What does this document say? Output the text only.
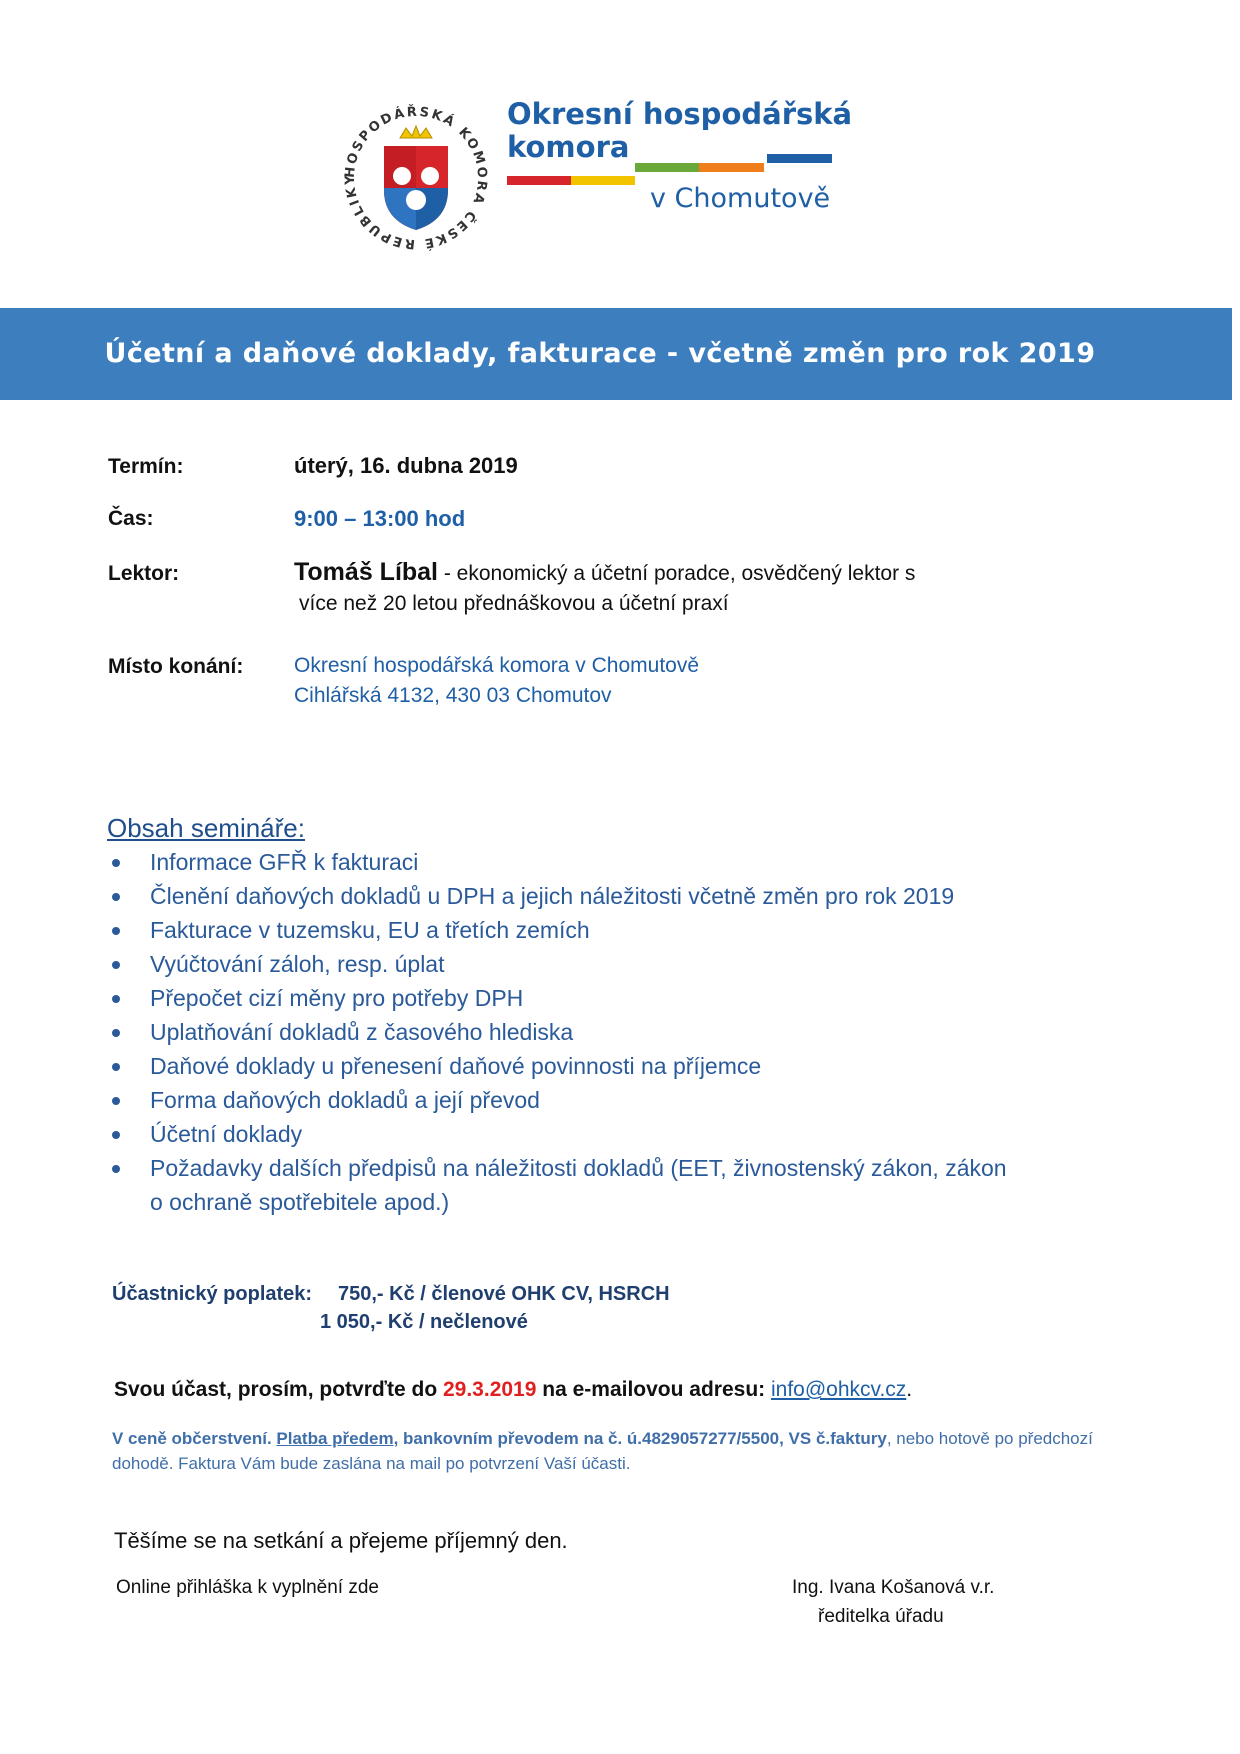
HOSPODÁŘSKÁ KOMORA ČESKÉ REPUBLIKY
Okresní hospodářská
komora
v Chomutově
Účetní a daňové doklady, fakturace - včetně změn pro rok 2019
Termín:	úterý, 16. dubna 2019
Čas:	9:00 – 13:00 hod
Lektor:	Tomáš Líbal - ekonomický a účetní poradce, osvědčený lektor s
více než 20 letou přednáškovou a účetní praxí
Místo konání: Okresní hospodářská komora v Chomutově
Cihlářská 4132, 430 03 Chomutov
Obsah semináře:
Informace GFŘ k fakturaci
Členění daňových dokladů u DPH a jejich náležitosti včetně změn pro rok 2019
Fakturace v tuzemsku, EU a třetích zemích
Vyúčtování záloh, resp. úplat
Přepočet cizí měny pro potřeby DPH
Uplatňování dokladů z časového hlediska
Daňové doklady u přenesení daňové povinnosti na příjemce
Forma daňových dokladů a její převod
Účetní doklady
Požadavky dalších předpisů na náležitosti dokladů (EET, živnostenský zákon, zákon o ochraně spotřebitele apod.)
Účastnický poplatek: 750,- Kč / členové OHK CV, HSRCH
1 050,- Kč / nečlenové
Svou účast, prosím, potvrďte do 29.3.2019 na e-mailovou adresu: info@ohkcv.cz.
V ceně občerstvení. Platba předem, bankovním převodem na č. ú.4829057277/5500, VS č.faktury, nebo hotově po předchozí dohodě. Faktura Vám bude zaslána na mail po potvrzení Vaší účasti.
Těšíme se na setkání a přejeme příjemný den.
Online přihláška k vyplnění zde	Ing. Ivana Košanová v.r.
ředitelka úřadu
